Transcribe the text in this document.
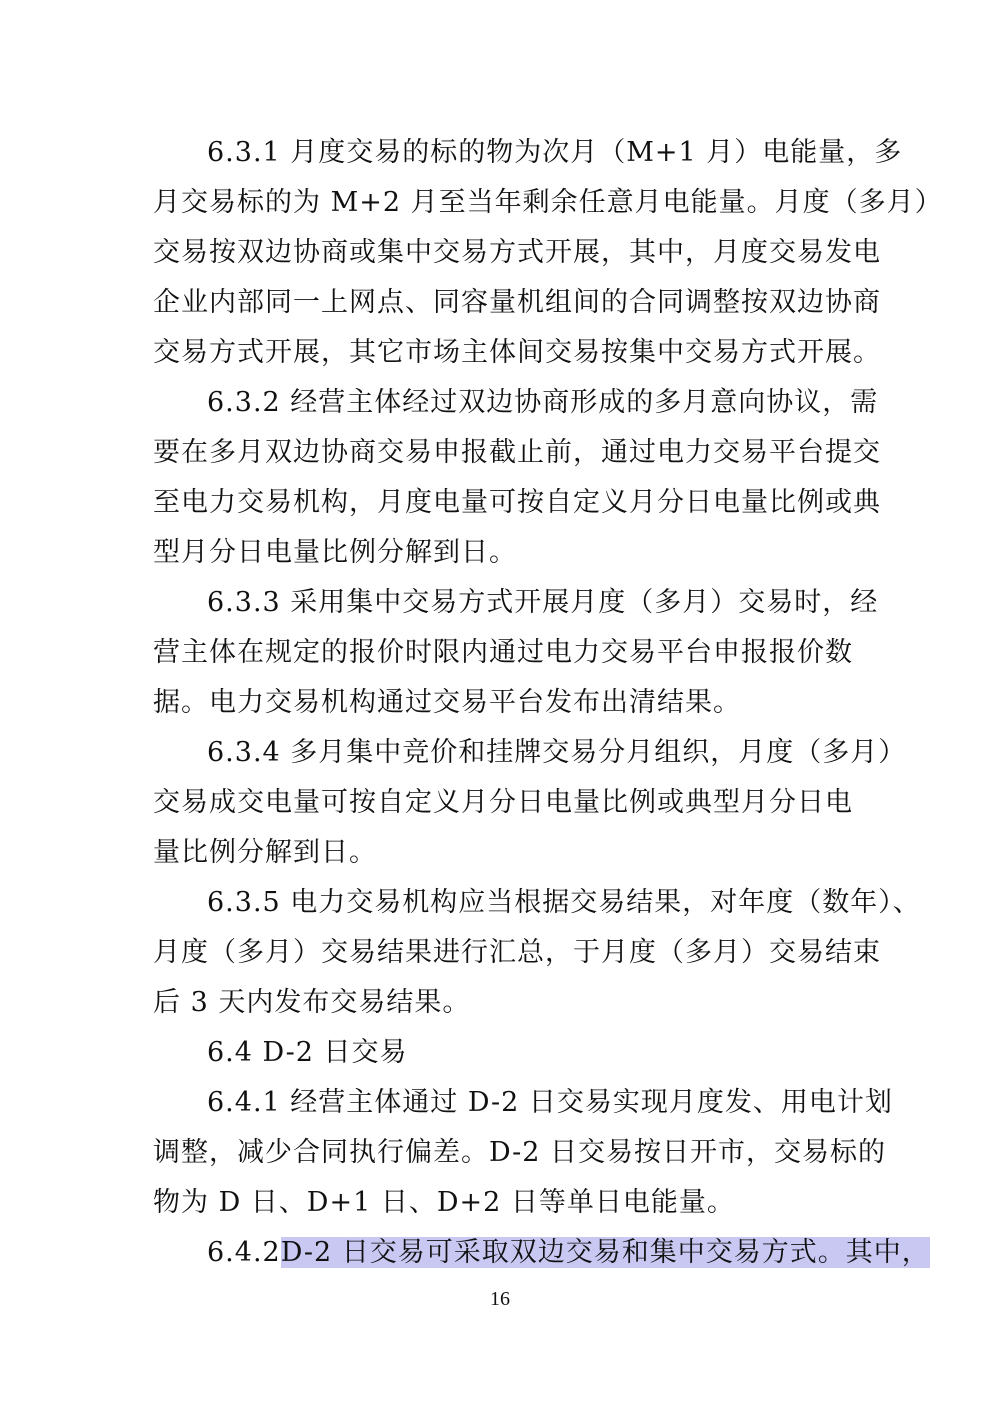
6.3.1 月度交易的标的物为次月（M+1 月）电能量，多
月交易标的为 M+2 月至当年剩余任意月电能量。月度（多月）
交易按双边协商或集中交易方式开展，其中，月度交易发电
企业内部同一上网点、同容量机组间的合同调整按双边协商
交易方式开展，其它市场主体间交易按集中交易方式开展。
6.3.2 经营主体经过双边协商形成的多月意向协议，需
要在多月双边协商交易申报截止前，通过电力交易平台提交
至电力交易机构，月度电量可按自定义月分日电量比例或典
型月分日电量比例分解到日。
6.3.3 采用集中交易方式开展月度（多月）交易时，经
营主体在规定的报价时限内通过电力交易平台申报报价数
据。电力交易机构通过交易平台发布出清结果。
6.3.4 多月集中竞价和挂牌交易分月组织，月度（多月）
交易成交电量可按自定义月分日电量比例或典型月分日电
量比例分解到日。
6.3.5 电力交易机构应当根据交易结果，对年度（数年）、
月度（多月）交易结果进行汇总，于月度（多月）交易结束
后 3 天内发布交易结果。
6.4 D-2 日交易
6.4.1 经营主体通过 D-2 日交易实现月度发、用电计划
调整，减少合同执行偏差。D-2 日交易按日开市，交易标的
物为 D 日、D+1 日、D+2 日等单日电能量。
6.4.2D-2 日交易可采取双边交易和集中交易方式。其中，
16
